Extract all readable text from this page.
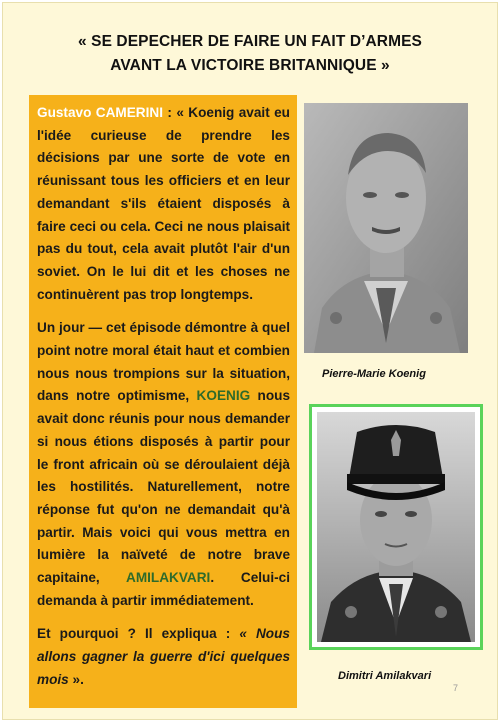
« SE DEPECHER DE FAIRE UN FAIT D’ARMES
AVANT LA VICTOIRE BRITANNIQUE »

Gustavo CAMERINI : « Koenig avait eu l'idée curieuse de prendre les décisions par une sorte de vote en réunissant tous les officiers et en leur demandant s'ils étaient disposés à faire ceci ou cela. Ceci ne nous plaisait pas du tout, cela avait plutôt l'air d'un soviet. On le lui dit et les choses ne continuèrent pas trop longtemps.

Un jour — cet épisode démontre à quel point notre moral était haut et combien nous nous trompions sur la situation, dans notre optimisme, KOENIG nous avait donc réunis pour nous demander si nous étions disposés à partir pour le front africain où se déroulaient déjà les hostilités. Naturellement, notre réponse fut qu'on ne demandait qu'à partir. Mais voici qui vous mettra en lumière la naïveté de notre brave capitaine, AMILAKVARI. Celui-ci demanda à partir immédiatement.

Et pourquoi ? Il expliqua : « Nous allons gagner la guerre d'ici quelques mois ».

Pierre-Marie Koenig
Dimitri Amilakvari
7
